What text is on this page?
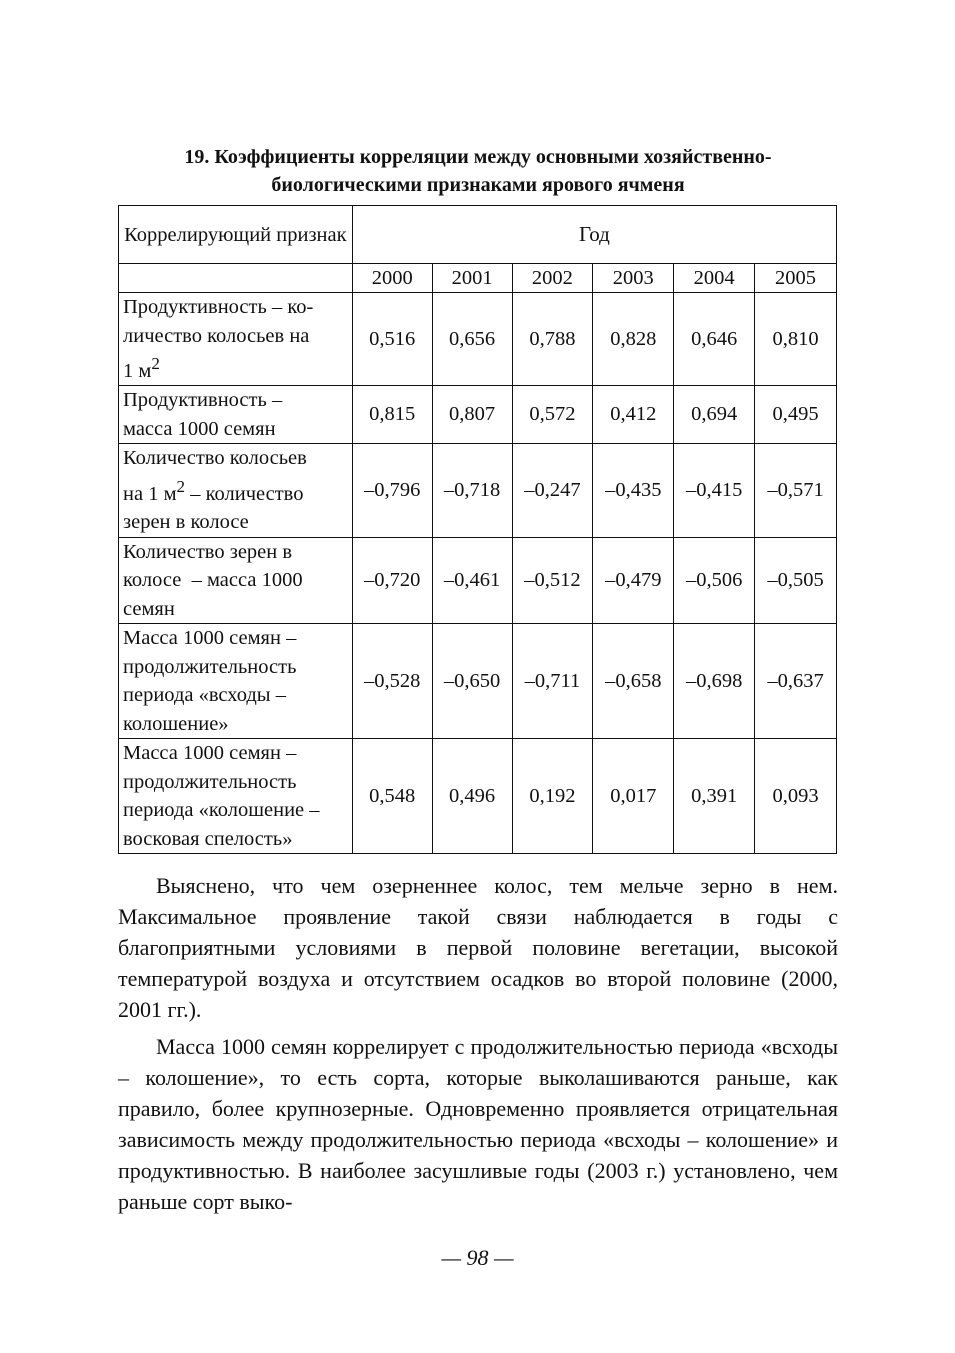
19. Коэффициенты корреляции между основными хозяйственно-
биологическими признаками ярового ячменя
Коррелирующий признак	Год					
	2000	2001	2002	2003	2004	2005
Продуктивность – ко-
личество колосьев на
1 $м^2$	0,516	0,656	0,788	0,828	0,646	0,810
Продуктивность –
масса 1000 семян	0,815	0,807	0,572	0,412	0,694	0,495
Количество колосьев
на 1 $м^2$ – количество
зерен в колосе	–0,796	–0,718	–0,247	–0,435	–0,415	–0,571
Количество зерен в
колосе  – масса 1000
семян	–0,720	–0,461	–0,512	–0,479	–0,506	–0,505
Масса 1000 семян –
продолжительность
периода «всходы –
колошение»	–0,528	–0,650	–0,711	–0,658	–0,698	–0,637
Масса 1000 семян –
продолжительность
периода «колошение –
восковая спелость»	0,548	0,496	0,192	0,017	0,391	0,093

Выяснено, что чем озерненнее колос, тем мельче зерно в нем. Максимальное проявление такой связи наблюдается в годы с благоприятными условиями в первой половине вегетации, высокой температурой воздуха и отсутствием осадков во второй половине (2000, 2001 гг.).

Масса 1000 семян коррелирует с продолжительностью периода «всходы – колошение», то есть сорта, которые выколашиваются раньше, как правило, более крупнозерные. Одновременно проявляется отрицательная зависимость между продолжительностью периода «всходы – колошение» и продуктивностью. В наиболее засушливые годы (2003 г.) установлено, чем раньше сорт выко-

— 98 —
